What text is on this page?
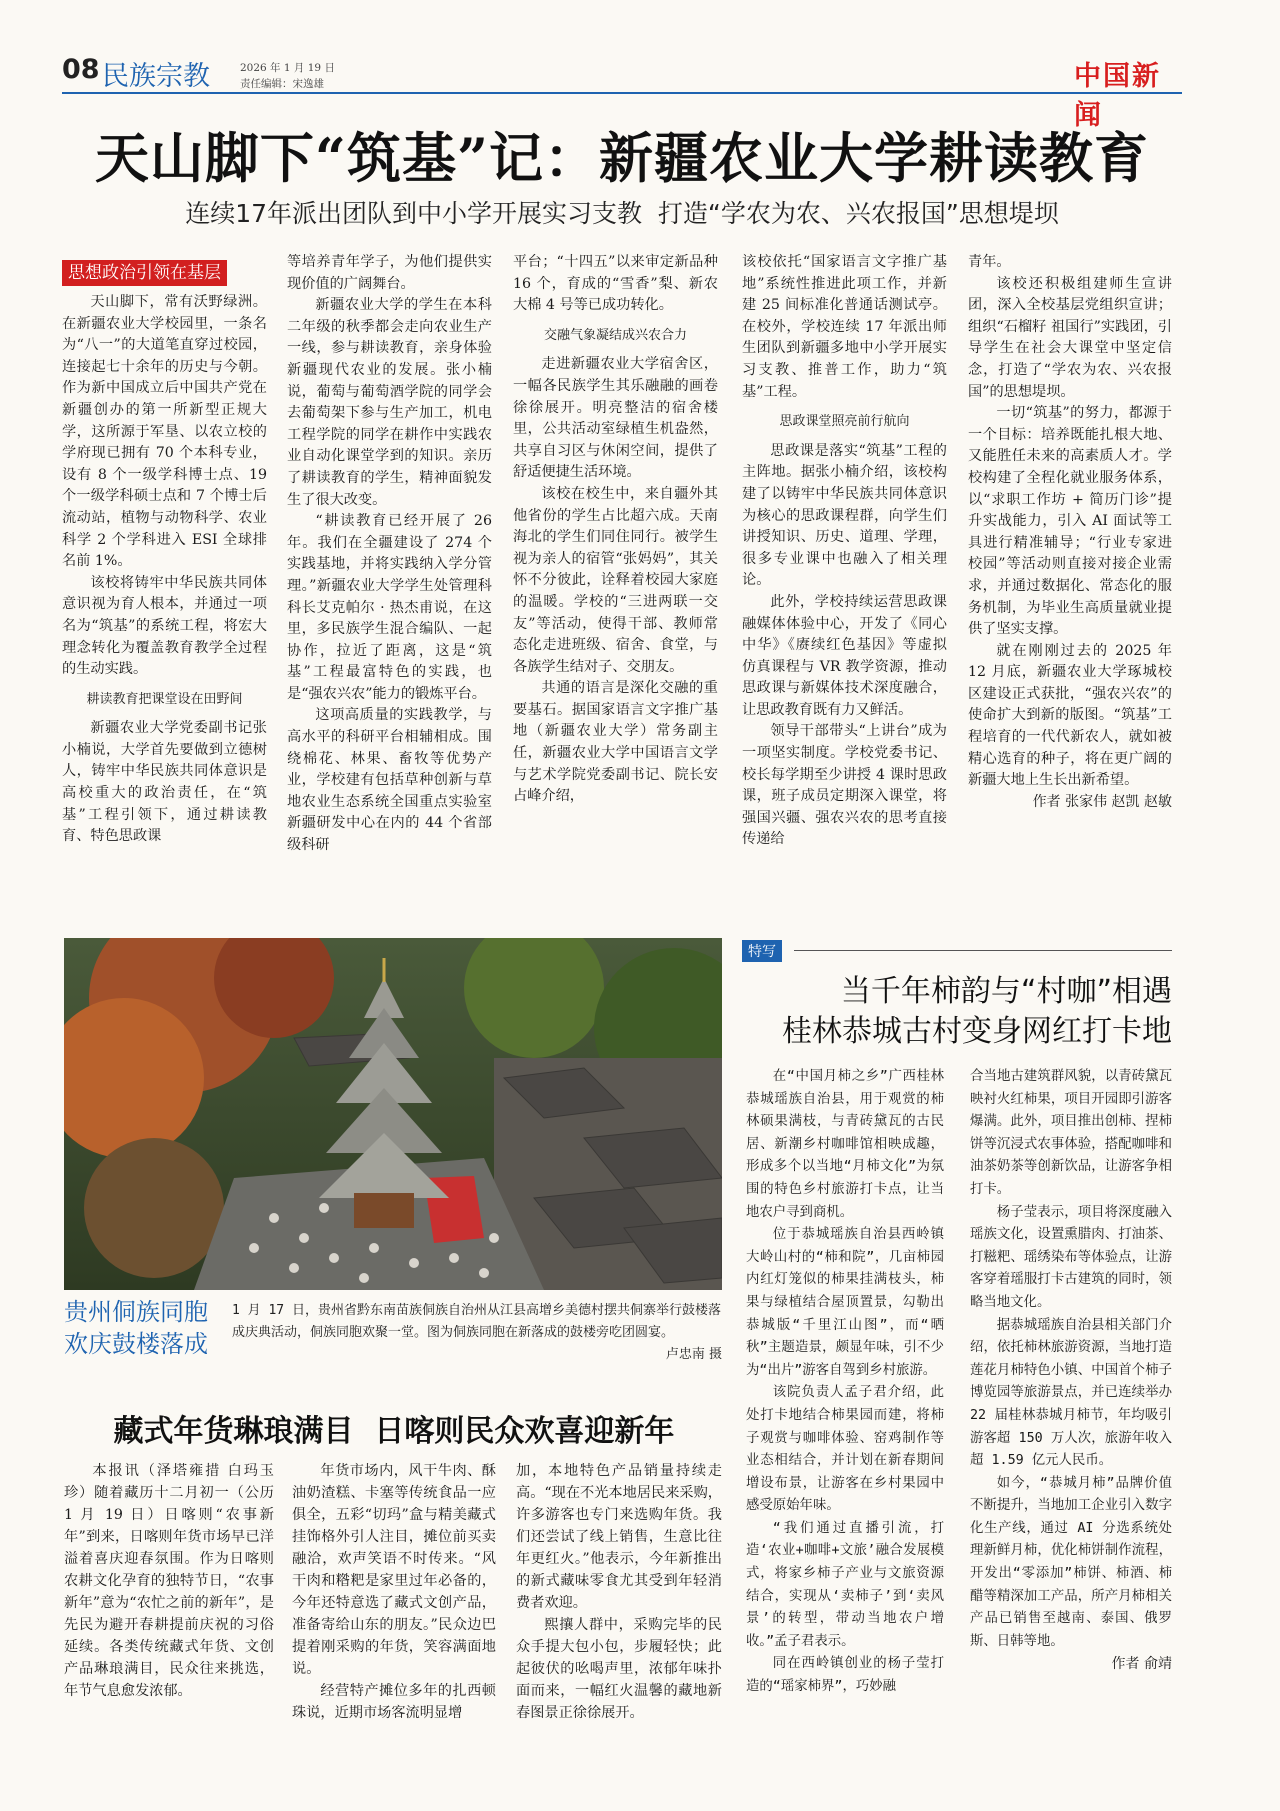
08 民族宗教	2026 年 1 月 19 日
责任编辑：宋逸雄	中国新闻
天山脚下“筑基”记：新疆农业大学耕读教育
连续17年派出团队到中小学开展实习支教  打造“学农为农、兴农报国”思想堤坝
思想政治引领在基层

天山脚下，常有沃野绿洲。在新疆农业大学校园里，一条名为“八一”的大道笔直穿过校园，连接起七十余年的历史与今朝。作为新中国成立后中国共产党在新疆创办的第一所新型正规大学，这所源于军垦、以农立校的学府现已拥有 70 个本科专业，设有 8 个一级学科博士点、19 个一级学科硕士点和 7 个博士后流动站，植物与动物科学、农业科学 2 个学科进入 ESI 全球排名前 1%。

该校将铸牢中华民族共同体意识视为育人根本，并通过一项名为“筑基”的系统工程，将宏大理念转化为覆盖教育教学全过程的生动实践。

耕读教育把课堂设在田野间

新疆农业大学党委副书记张小楠说，大学首先要做到立德树人，铸牢中华民族共同体意识是高校重大的政治责任，在“筑基”工程引领下，通过耕读教育、特色思政课

等培养青年学子，为他们提供实现价值的广阔舞台。

新疆农业大学的学生在本科二年级的秋季都会走向农业生产一线，参与耕读教育，亲身体验新疆现代农业的发展。张小楠说，葡萄与葡萄酒学院的同学会去葡萄架下参与生产加工，机电工程学院的同学在耕作中实践农业自动化课堂学到的知识。亲历了耕读教育的学生，精神面貌发生了很大改变。

“耕读教育已经开展了 26 年。我们在全疆建设了 274 个实践基地，并将实践纳入学分管理。”新疆农业大学学生处管理科科长艾克帕尔 · 热杰甫说，在这里，多民族学生混合编队、一起协作，拉近了距离，这是“筑基”工程最富特色的实践，也是“强农兴农”能力的锻炼平台。

这项高质量的实践教学，与高水平的科研平台相辅相成。围绕棉花、林果、畜牧等优势产业，学校建有包括草种创新与草地农业生态系统全国重点实验室新疆研发中心在内的 44 个省部级科研

平台；“十四五”以来审定新品种 16 个，育成的“雪香”梨、新农大棉 4 号等已成功转化。

交融气象凝结成兴农合力

走进新疆农业大学宿舍区，一幅各民族学生其乐融融的画卷徐徐展开。明亮整洁的宿舍楼里，公共活动室绿植生机盎然，共享自习区与休闲空间，提供了舒适便捷生活环境。

该校在校生中，来自疆外其他省份的学生占比超六成。天南海北的学生们同住同行。被学生视为亲人的宿管“张妈妈”，其关怀不分彼此，诠释着校园大家庭的温暖。学校的“三进两联一交友”等活动，使得干部、教师常态化走进班级、宿舍、食堂，与各族学生结对子、交朋友。

共通的语言是深化交融的重要基石。据国家语言文字推广基地（新疆农业大学）常务副主任，新疆农业大学中国语言文学与艺术学院党委副书记、院长安占峰介绍，

该校依托“国家语言文字推广基地”系统性推进此项工作，并新建 25 间标准化普通话测试亭。在校外，学校连续 17 年派出师生团队到新疆多地中小学开展实习支教、推普工作，助力“筑基”工程。

思政课堂照亮前行航向

思政课是落实“筑基”工程的主阵地。据张小楠介绍，该校构建了以铸牢中华民族共同体意识为核心的思政课程群，向学生们讲授知识、历史、道理、学理，很多专业课中也融入了相关理论。

此外，学校持续运营思政课融媒体体验中心，开发了《同心中华》《赓续红色基因》等虚拟仿真课程与 VR 教学资源，推动思政课与新媒体技术深度融合，让思政教育既有力又鲜活。

领导干部带头“上讲台”成为一项坚实制度。学校党委书记、校长每学期至少讲授 4 课时思政课，班子成员定期深入课堂，将强国兴疆、强农兴农的思考直接传递给

青年。

该校还积极组建师生宣讲团，深入全校基层党组织宣讲；组织“石榴籽 祖国行”实践团，引导学生在社会大课堂中坚定信念，打造了“学农为农、兴农报国”的思想堤坝。

一切“筑基”的努力，都源于一个目标：培养既能扎根大地、又能胜任未来的高素质人才。学校构建了全程化就业服务体系，以“求职工作坊 + 简历门诊”提升实战能力，引入 AI 面试等工具进行精准辅导；“行业专家进校园”等活动则直接对接企业需求，并通过数据化、常态化的服务机制，为毕业生高质量就业提供了坚实支撑。

就在刚刚过去的 2025 年 12 月底，新疆农业大学琢城校区建设正式获批，“强农兴农”的使命扩大到新的版图。“筑基”工程培育的一代代新农人，就如被精心选育的种子，将在更广阔的新疆大地上生长出新希望。

作者 张家伟 赵凯 赵敏
贵州侗族同胞欢庆鼓楼落成
1 月 17 日，贵州省黔东南苗族侗族自治州从江县高增乡美德村摆共侗寨举行鼓楼落成庆典活动，侗族同胞欢聚一堂。图为侗族同胞在新落成的鼓楼旁吃团圆宴。
卢忠南 摄
特写
当千年柿韵与“村咖”相遇
桂林恭城古村变身网红打卡地

在“中国月柿之乡”广西桂林恭城瑶族自治县，用于观赏的柿林硕果满枝，与青砖黛瓦的古民居、新潮乡村咖啡馆相映成趣，形成多个以当地“月柿文化”为氛围的特色乡村旅游打卡点，让当地农户寻到商机。

位于恭城瑶族自治县西岭镇大岭山村的“柿和院”，几亩柿园内红灯笼似的柿果挂满枝头，柿果与绿植结合屋顶置景，勾勒出恭城版“千里江山图”，而“晒秋”主题造景，颇显年味，引不少为“出片”游客自驾到乡村旅游。

该院负责人孟子君介绍，此处打卡地结合柿果园而建，将柿子观赏与咖啡体验、窑鸡制作等业态相结合，并计划在新春期间增设布景，让游客在乡村果园中感受原始年味。

“我们通过直播引流，打造‘农业+咖啡+文旅’融合发展模式，将家乡柿子产业与文旅资源结合，实现从‘卖柿子’到‘卖风景’的转型，带动当地农户增收。”孟子君表示。

同在西岭镇创业的杨子莹打造的“瑶家柿界”，巧妙融

合当地古建筑群风貌，以青砖黛瓦映衬火红柿果，项目开园即引游客爆满。此外，项目推出创柿、捏柿饼等沉浸式农事体验，搭配咖啡和油茶奶茶等创新饮品，让游客争相打卡。

杨子莹表示，项目将深度融入瑶族文化，设置熏腊肉、打油茶、打糍粑、瑶绣染布等体验点，让游客穿着瑶服打卡古建筑的同时，领略当地文化。

据恭城瑶族自治县相关部门介绍，依托柿林旅游资源，当地打造莲花月柿特色小镇、中国首个柿子博览园等旅游景点，并已连续举办 22 届桂林恭城月柿节，年均吸引游客超 150 万人次，旅游年收入超 1.59 亿元人民币。

如今，“恭城月柿”品牌价值不断提升，当地加工企业引入数字化生产线，通过 AI 分选系统处理新鲜月柿，优化柿饼制作流程，开发出“零添加”柿饼、柿酒、柿醋等精深加工产品，所产月柿相关产品已销售至越南、泰国、俄罗斯、日韩等地。

作者 俞靖
藏式年货琳琅满目  日喀则民众欢喜迎新年

本报讯（泽塔雍措 白玛玉珍）随着藏历十二月初一（公历 1 月 19 日）日喀则“农事新年”到来，日喀则年货市场早已洋溢着喜庆迎春氛围。作为日喀则农耕文化孕育的独特节日，“农事新年”意为“农忙之前的新年”，是先民为避开春耕提前庆祝的习俗延续。各类传统藏式年货、文创产品琳琅满目，民众往来挑选，年节气息愈发浓郁。

年货市场内，风干牛肉、酥油奶渣糕、卡塞等传统食品一应俱全，五彩“切玛”盒与精美藏式挂饰格外引人注目，摊位前买卖融洽，欢声笑语不时传来。“风干肉和糌粑是家里过年必备的，今年还特意选了藏式文创产品，准备寄给山东的朋友。”民众边巴提着刚采购的年货，笑容满面地说。

经营特产摊位多年的扎西顿珠说，近期市场客流明显增

加，本地特色产品销量持续走高。“现在不光本地居民来采购，许多游客也专门来选购年货。我们还尝试了线上销售，生意比往年更红火。”他表示，今年新推出的新式藏味零食尤其受到年轻消费者欢迎。

熙攘人群中，采购完毕的民众手提大包小包，步履轻快；此起彼伏的吆喝声里，浓郁年味扑面而来，一幅红火温馨的藏地新春图景正徐徐展开。
